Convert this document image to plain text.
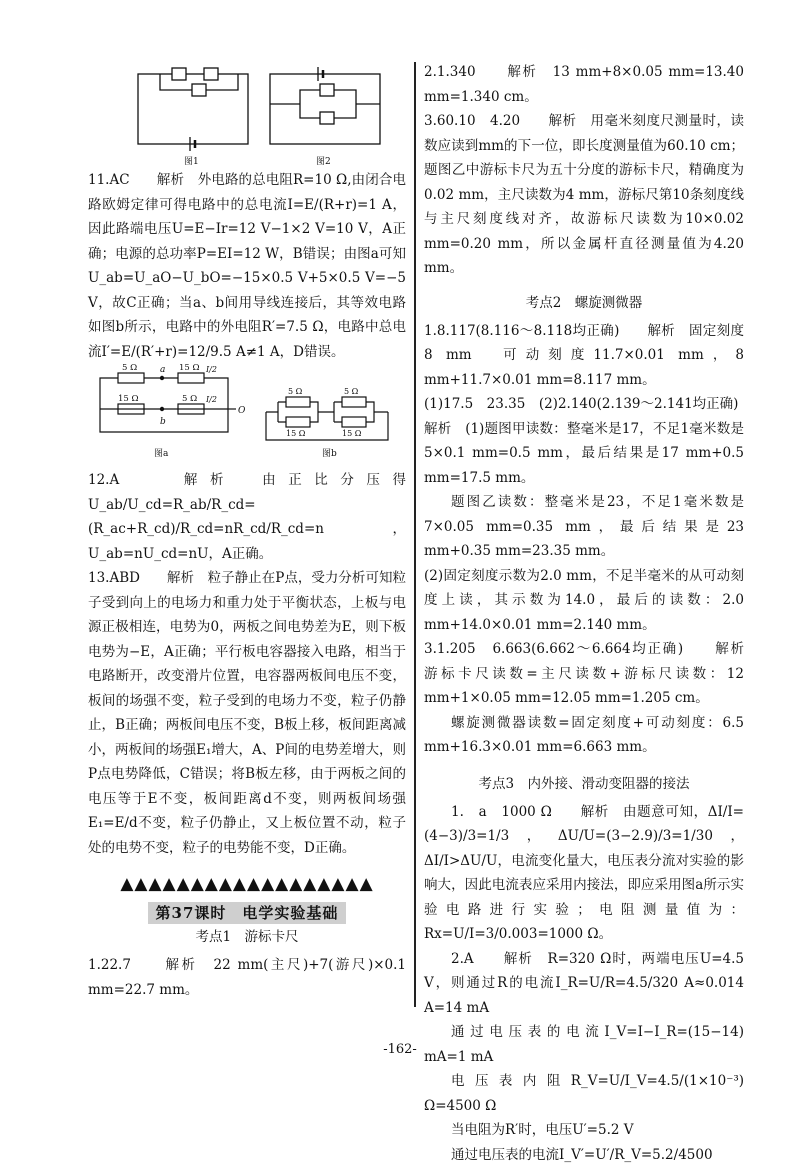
图1	图2

11.AC　　解析　外电路的总电阻R=10 Ω,由闭合电路欧姆定律可得电路中的总电流I=E/(R+r)=1 A，因此路端电压U=E−Ir=12 V−1×2 V=10 V，A正确；电源的总功率P=EI=12 W，B错误；由图a可知U_ab=U_aO−U_bO=−15×0.5 V+5×0.5 V=−5 V，故C正确；当a、b间用导线连接后，其等效电路如图b所示，电路中的外电阻R′=7.5 Ω，电路中总电流I′=E/(R′+r)=12/9.5 A≠1 A，D错误。

5 Ω	15 Ω
a
15 Ω	5 Ω
b
I/2
I/2
O
图a
5 Ω
15 Ω
5 Ω
15 Ω
图b

12.A　　解析　由正比分压得U_ab/U_cd=R_ab/R_cd=(R_ac+R_cd)/R_cd=nR_cd/R_cd=n，U_ab=nU_cd=nU，A正确。

13.ABD　　解析　粒子静止在P点，受力分析可知粒子受到向上的电场力和重力处于平衡状态，上板与电源正极相连，电势为0，两板之间电势差为E，则下板电势为−E，A正确；平行板电容器接入电路，相当于电路断开，改变滑片位置，电容器两板间电压不变，板间的场强不变，粒子受到的电场力不变，粒子仍静止，B正确；两板间电压不变，B板上移，板间距离减小，两板间的场强E₁增大，A、P间的电势差增大，则P点电势降低，C错误；将B板左移，由于两板之间的电压等于E不变，板间距离d不变，则两板间场强E₁=E/d不变，粒子仍静止，又上板位置不动，粒子处的电势不变，粒子的电势能不变，D正确。

▲▲▲▲▲▲▲▲▲▲▲▲▲▲▲▲▲▲
第37课时　电学实验基础
考点1　游标卡尺

1.22.7　　解析　22 mm(主尺)+7(游尺)×0.1 mm=22.7 mm。

2.1.340　　解析　13 mm+8×0.05 mm=13.40 mm=1.340 cm。

3.60.10　4.20　　解析　用毫米刻度尺测量时，读数应读到mm的下一位，即长度测量值为60.10 cm；题图乙中游标卡尺为五十分度的游标卡尺，精确度为0.02 mm，主尺读数为4 mm，游标尺第10条刻度线与主尺刻度线对齐，故游标尺读数为10×0.02 mm=0.20 mm，所以金属杆直径测量值为4.20 mm。

考点2　螺旋测微器

1.8.117(8.116～8.118均正确)　　解析　固定刻度8 mm　可动刻度11.7×0.01 mm，8 mm+11.7×0.01 mm=8.117 mm。

(1)17.5　23.35　(2)2.140(2.139～2.141均正确)

解析　(1)题图甲读数：整毫米是17，不足1毫米数是5×0.1 mm=0.5 mm，最后结果是17 mm+0.5 mm=17.5 mm。

题图乙读数：整毫米是23，不足1毫米数是7×0.05 mm=0.35 mm，最后结果是23 mm+0.35 mm=23.35 mm。

(2)固定刻度示数为2.0 mm，不足半毫米的从可动刻度上读，其示数为14.0，最后的读数：2.0 mm+14.0×0.01 mm=2.140 mm。

3.1.205　6.663(6.662～6.664均正确)　　解析　游标卡尺读数=主尺读数+游标尺读数：12 mm+1×0.05 mm=12.05 mm=1.205 cm。

螺旋测微器读数=固定刻度+可动刻度：6.5 mm+16.3×0.01 mm=6.663 mm。

考点3　内外接、滑动变阻器的接法

1.　a　1000 Ω　　解析　由题意可知，ΔI/I=(4−3)/3=1/3，ΔU/U=(3−2.9)/3=1/30，ΔI/I>ΔU/U，电流变化量大，电压表分流对实验的影响大，因此电流表应采用内接法，即应采用图a所示实验电路进行实验；电阻测量值为：Rx=U/I=3/0.003=1000 Ω。

2.A　　解析　R=320 Ω时，两端电压U=4.5 V，则通过R的电流I_R=U/R=4.5/320 A≈0.014 A=14 mA

通过电压表的电流I_V=I−I_R=(15−14) mA=1 mA

电压表内阻R_V=U/I_V=4.5/(1×10⁻³) Ω=4500 Ω

当电阻为R′时，电压U′=5.2 V

通过电压表的电流I_V′=U′/R_V=5.2/4500

-162-
